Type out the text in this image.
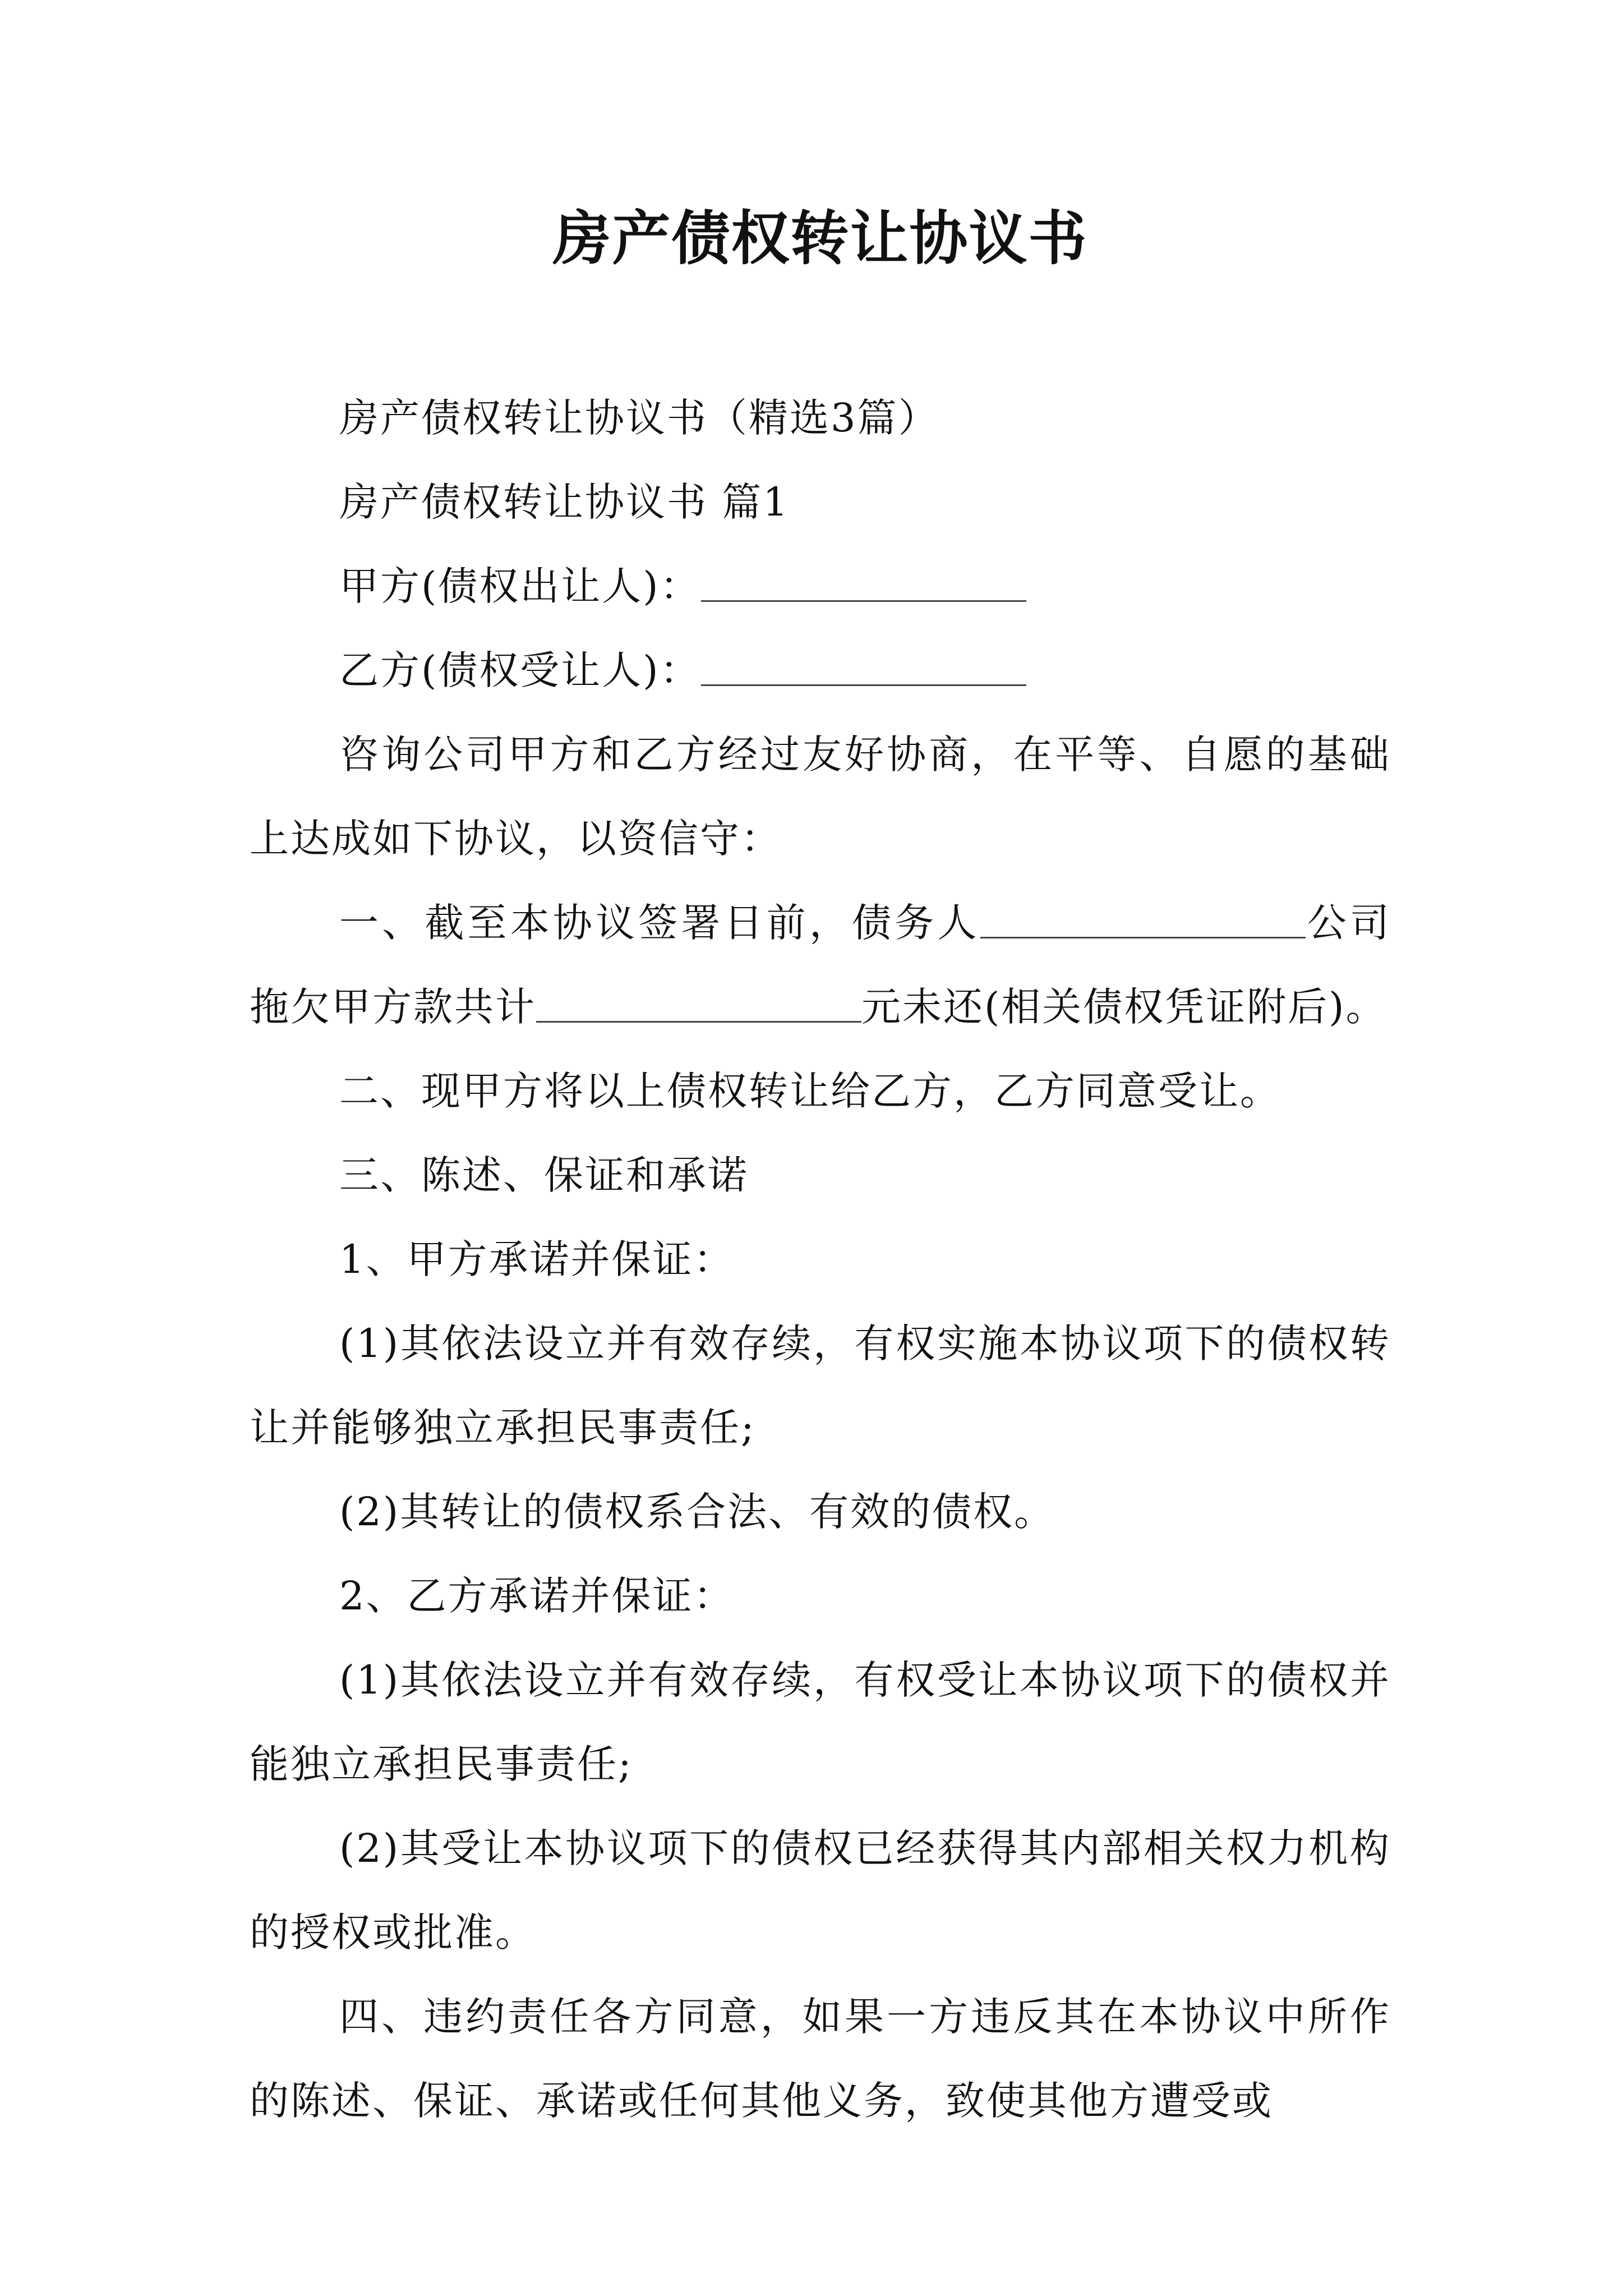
房产债权转让协议书

房产债权转让协议书（精选3篇）

房产债权转让协议书 篇1

甲方(债权出让人)：

乙方(债权受让人)：

咨询公司甲方和乙方经过友好协商，在平等、自愿的基础上达成如下协议，以资信守：

一、截至本协议签署日前，债务人	公司拖欠甲方款共计	元未还(相关债权凭证附后)。

二、现甲方将以上债权转让给乙方，乙方同意受让。

三、陈述、保证和承诺

1、甲方承诺并保证：

(1)其依法设立并有效存续，有权实施本协议项下的债权转让并能够独立承担民事责任;

(2)其转让的债权系合法、有效的债权。

2、乙方承诺并保证：

(1)其依法设立并有效存续，有权受让本协议项下的债权并能独立承担民事责任;

(2)其受让本协议项下的债权已经获得其内部相关权力机构的授权或批准。

四、违约责任各方同意，如果一方违反其在本协议中所作的陈述、保证、承诺或任何其他义务，致使其他方遭受或
